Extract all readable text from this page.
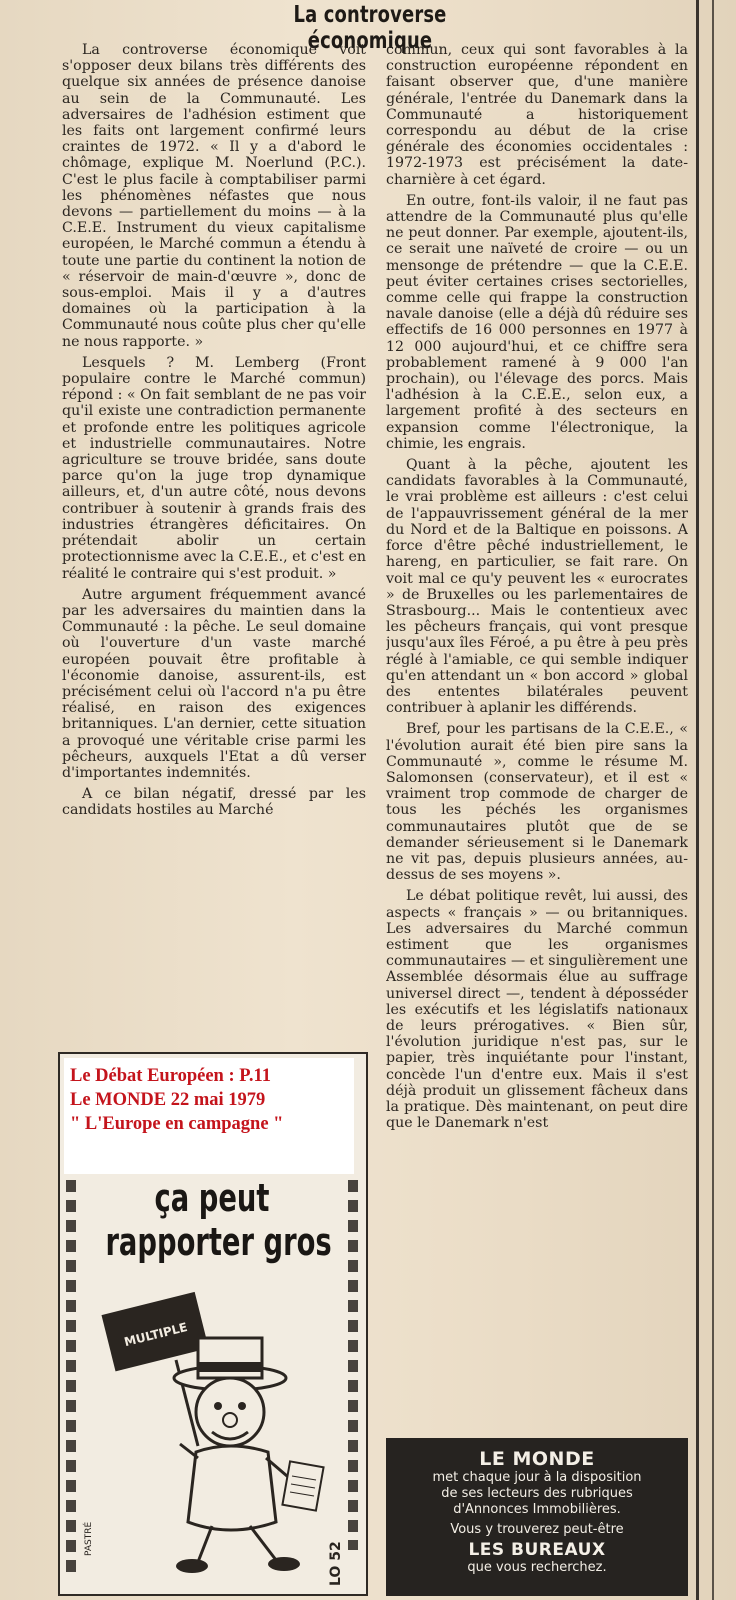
La controverse économique

La controverse économique voit s'opposer deux bilans très différents des quelque six années de présence danoise au sein de la Communauté. Les adversaires de l'adhésion estiment que les faits ont largement confirmé leurs craintes de 1972. « Il y a d'abord le chômage, explique M. Noerlund (P.C.). C'est le plus facile à comptabiliser parmi les phénomènes néfastes que nous devons — partiellement du moins — à la C.E.E. Instrument du vieux capitalisme européen, le Marché commun a étendu à toute une partie du continent la notion de « réservoir de main-d'œuvre », donc de sous-emploi. Mais il y a d'autres domaines où la participation à la Communauté nous coûte plus cher qu'elle ne nous rapporte. »

Lesquels ? M. Lemberg (Front populaire contre le Marché commun) répond : « On fait semblant de ne pas voir qu'il existe une contradiction permanente et profonde entre les politiques agricole et industrielle communautaires. Notre agriculture se trouve bridée, sans doute parce qu'on la juge trop dynamique ailleurs, et, d'un autre côté, nous devons contribuer à soutenir à grands frais des industries étrangères déficitaires. On prétendait abolir un certain protectionnisme avec la C.E.E., et c'est en réalité le contraire qui s'est produit. »

Autre argument fréquemment avancé par les adversaires du maintien dans la Communauté : la pêche. Le seul domaine où l'ouverture d'un vaste marché européen pouvait être profitable à l'économie danoise, assurent-ils, est précisément celui où l'accord n'a pu être réalisé, en raison des exigences britanniques. L'an dernier, cette situation a provoqué une véritable crise parmi les pêcheurs, auxquels l'Etat a dû verser d'importantes indemnités.

A ce bilan négatif, dressé par les candidats hostiles au Marché

commun, ceux qui sont favorables à la construction européenne répondent en faisant observer que, d'une manière générale, l'entrée du Danemark dans la Communauté a historiquement correspondu au début de la crise générale des économies occidentales : 1972-1973 est précisément la date-charnière à cet égard.

En outre, font-ils valoir, il ne faut pas attendre de la Communauté plus qu'elle ne peut donner. Par exemple, ajoutent-ils, ce serait une naïveté de croire — ou un mensonge de prétendre — que la C.E.E. peut éviter certaines crises sectorielles, comme celle qui frappe la construction navale danoise (elle a déjà dû réduire ses effectifs de 16 000 personnes en 1977 à 12 000 aujourd'hui, et ce chiffre sera probablement ramené à 9 000 l'an prochain), ou l'élevage des porcs. Mais l'adhésion à la C.E.E., selon eux, a largement profité à des secteurs en expansion comme l'électronique, la chimie, les engrais.

Quant à la pêche, ajoutent les candidats favorables à la Communauté, le vrai problème est ailleurs : c'est celui de l'appauvrissement général de la mer du Nord et de la Baltique en poissons. A force d'être pêché industriellement, le hareng, en particulier, se fait rare. On voit mal ce qu'y peuvent les « eurocrates » de Bruxelles ou les parlementaires de Strasbourg... Mais le contentieux avec les pêcheurs français, qui vont presque jusqu'aux îles Féroé, a pu être à peu près réglé à l'amiable, ce qui semble indiquer qu'en attendant un « bon accord » global des ententes bilatérales peuvent contribuer à aplanir les différends.

Bref, pour les partisans de la C.E.E., « l'évolution aurait été bien pire sans la Communauté », comme le résume M. Salomonsen (conservateur), et il est « vraiment trop commode de charger de tous les péchés les organismes communautaires plutôt que de se demander sérieusement si le Danemark ne vit pas, depuis plusieurs années, au-dessus de ses moyens ».

Le débat politique revêt, lui aussi, des aspects « français » — ou britanniques. Les adversaires du Marché commun estiment que les organismes communautaires — et singulièrement une Assemblée désormais élue au suffrage universel direct —, tendent à déposséder les exécutifs et les législatifs nationaux de leurs prérogatives. « Bien sûr, l'évolution juridique n'est pas, sur le papier, très inquiétante pour l'instant, concède l'un d'entre eux. Mais il s'est déjà produit un glissement fâcheux dans la pratique. Dès maintenant, on peut dire que le Danemark n'est

Le Débat Européen : P.11
Le MONDE 22 mai 1979
" L'Europe en campagne "
ça peut
rapporter gros
MULTIPLE
PASTRÉ
LO 52
LE MONDE
met chaque jour à la disposition
de ses lecteurs des rubriques
d'Annonces Immobilières.
Vous y trouverez peut-être
LES BUREAUX
que vous recherchez.
